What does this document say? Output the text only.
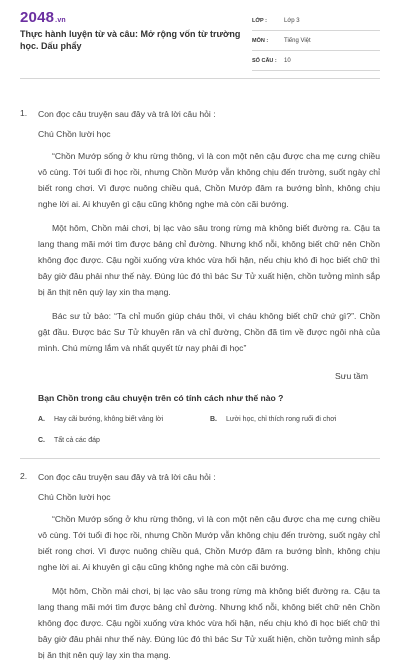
2048.vn
Thực hành luyện từ và câu: Mở rộng vốn từ trường học. Dấu phẩy
LỚP :	Lớp 3
MÔN :	Tiếng Việt
SỐ CÂU :	10
1.	Con đọc câu truyện sau đây và trả lời câu hỏi :

Chú Chồn lười học

“Chồn Mướp sống ở khu rừng thông, vì là con một nên cậu được cha mẹ cưng chiều vô cùng. Tới tuổi đi học rồi, nhưng Chồn Mướp vẫn không chịu đến trường, suốt ngày chỉ biết rong chơi. Vì được nuông chiều quá, Chồn Mướp đâm ra bướng bỉnh, không chịu nghe lời ai. Ai khuyên gì cậu cũng không nghe mà còn cãi bướng.

Một hôm, Chồn mải chơi, bị lạc vào sâu trong rừng mà không biết đường ra. Cậu ta lang thang mãi mới tìm được bảng chỉ đường. Nhưng khổ nỗi, không biết chữ nên Chồn không đọc được. Cậu ngồi xuống vừa khóc vừa hối hận, nếu chịu khó đi học biết chữ thì bây giờ đâu phải như thế này. Đúng lúc đó thì bác Sư Tử xuất hiện, chồn tưởng mình sắp bị ăn thịt nên quỳ lạy xin tha mạng.

Bác sư tử bảo: “Ta chỉ muốn giúp cháu thôi, vì cháu không biết chữ chứ gì?”. Chồn gật đầu. Được bác Sư Tử khuyên răn và chỉ đường, Chồn đã tìm về được ngôi nhà của mình. Chú mừng lắm và nhất quyết từ nay phải đi học”

Sưu tầm

Bạn Chồn trong câu chuyện trên có tính cách như thế nào ?

A.	Hay cãi bướng, không biết vâng lời	B.	Lười học, chỉ thích rong ruổi đi chơi
C.	Tất cả các đáp
2.	Con đọc câu truyện sau đây và trả lời câu hỏi :

Chú Chồn lười học

“Chồn Mướp sống ở khu rừng thông, vì là con một nên cậu được cha mẹ cưng chiều vô cùng. Tới tuổi đi học rồi, nhưng Chồn Mướp vẫn không chịu đến trường, suốt ngày chỉ biết rong chơi. Vì được nuông chiều quá, Chồn Mướp đâm ra bướng bỉnh, không chịu nghe lời ai. Ai khuyên gì cậu cũng không nghe mà còn cãi bướng.

Một hôm, Chồn mải chơi, bị lạc vào sâu trong rừng mà không biết đường ra. Cậu ta lang thang mãi mới tìm được bảng chỉ đường. Nhưng khổ nỗi, không biết chữ nên Chồn không đọc được. Cậu ngồi xuống vừa khóc vừa hối hận, nếu chịu khó đi học biết chữ thì bây giờ đâu phải như thế này. Đúng lúc đó thì bác Sư Tử xuất hiện, chồn tưởng mình sắp bị ăn thịt nên quỳ lạy xin tha mạng.
